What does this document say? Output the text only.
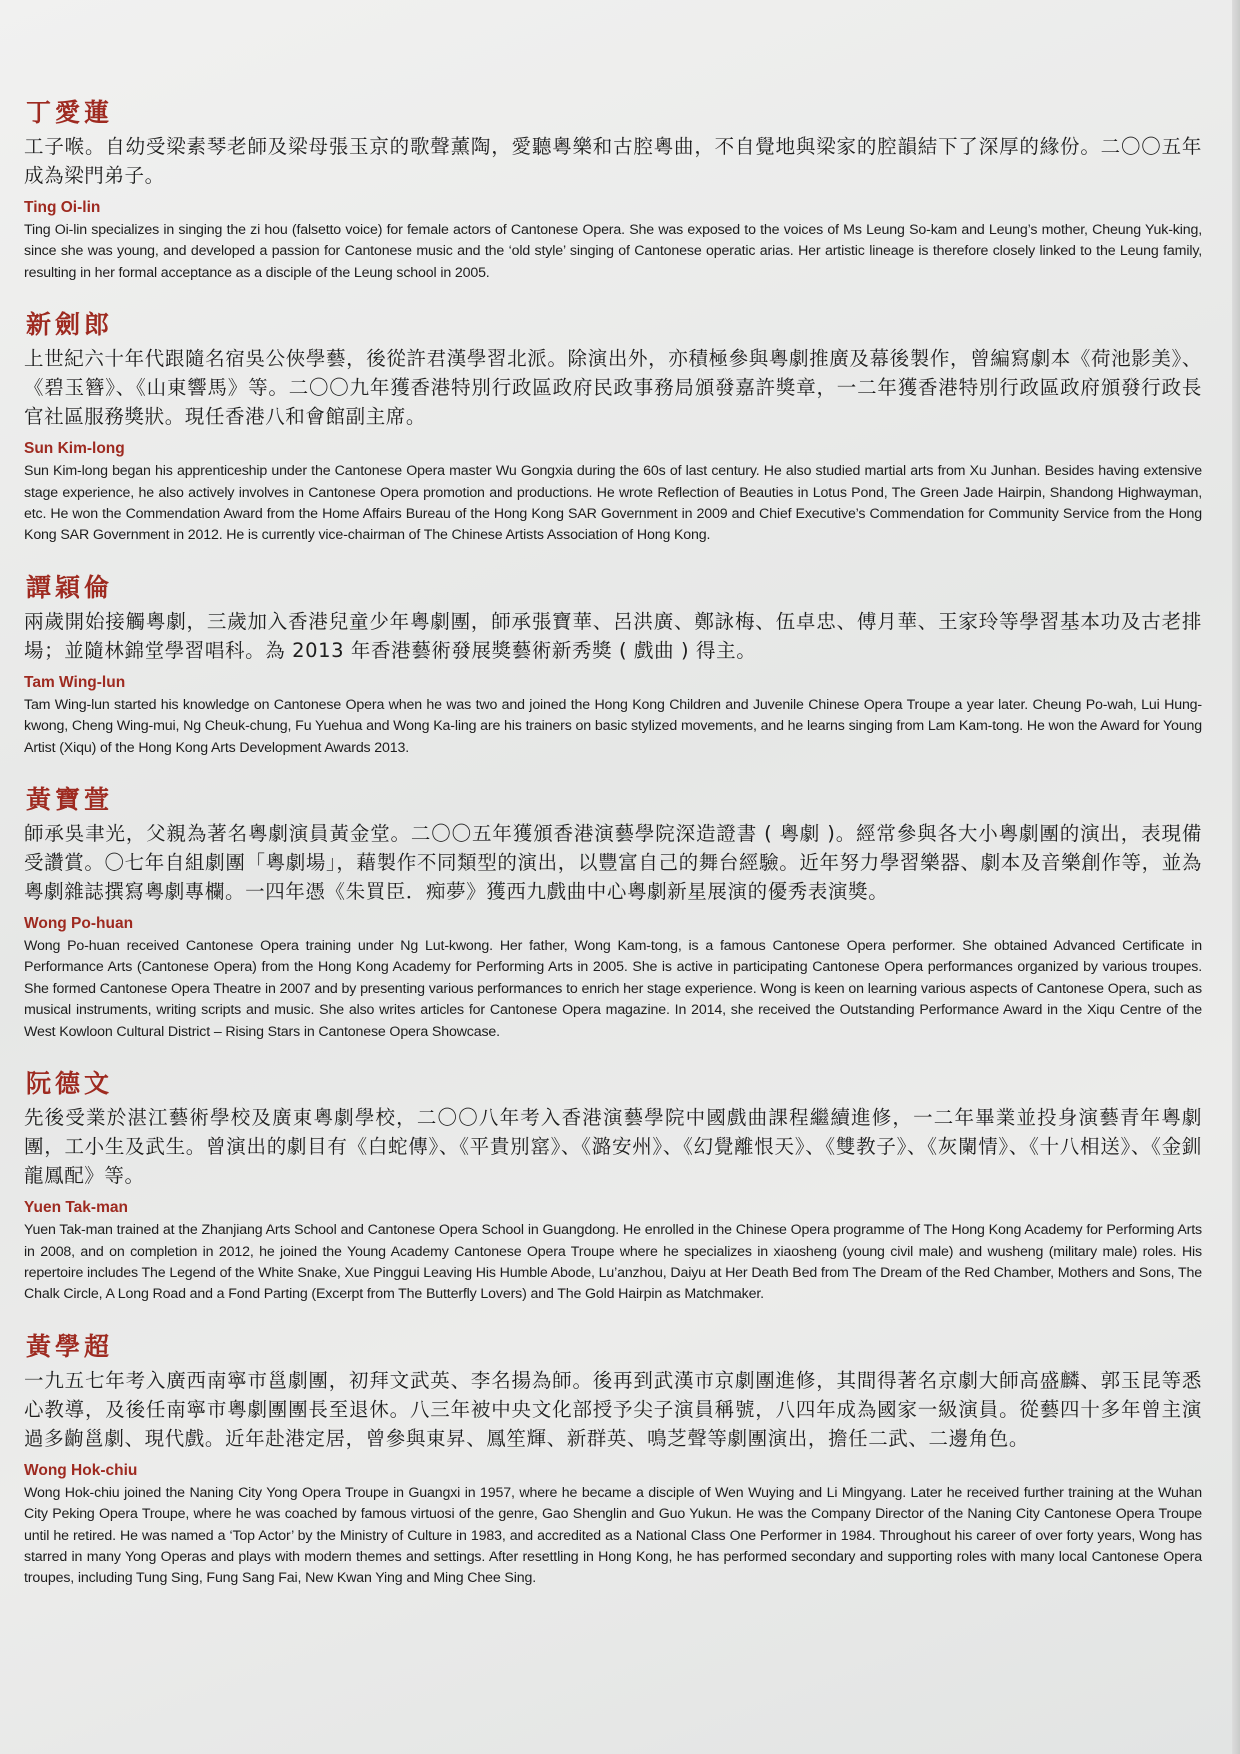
丁愛蓮

工子喉。自幼受梁素琴老師及梁母張玉京的歌聲薰陶，愛聽粵樂和古腔粵曲，不自覺地與梁家的腔韻結下了深厚的緣份。二〇〇五年成為梁門弟子。

Ting Oi-lin

Ting Oi-lin specializes in singing the zi hou (falsetto voice) for female actors of Cantonese Opera. She was exposed to the voices of Ms Leung So-kam and Leung’s mother, Cheung Yuk-king, since she was young, and developed a passion for Cantonese music and the ‘old style’ singing of Cantonese operatic arias. Her artistic lineage is therefore closely linked to the Leung family, resulting in her formal acceptance as a disciple of the Leung school in 2005.

新劍郎

上世紀六十年代跟隨名宿吳公俠學藝，後從許君漢學習北派。除演出外，亦積極參與粵劇推廣及幕後製作，曾編寫劇本《荷池影美》、《碧玉簪》、《山東響馬》等。二〇〇九年獲香港特別行政區政府民政事務局頒發嘉許獎章，一二年獲香港特別行政區政府頒發行政長官社區服務獎狀。現任香港八和會館副主席。

Sun Kim-long

Sun Kim-long began his apprenticeship under the Cantonese Opera master Wu Gongxia during the 60s of last century. He also studied martial arts from Xu Junhan. Besides having extensive stage experience, he also actively involves in Cantonese Opera promotion and productions. He wrote Reflection of Beauties in Lotus Pond, The Green Jade Hairpin, Shandong Highwayman, etc. He won the Commendation Award from the Home Affairs Bureau of the Hong Kong SAR Government in 2009 and Chief Executive’s Commendation for Community Service from the Hong Kong SAR Government in 2012. He is currently vice-chairman of The Chinese Artists Association of Hong Kong.

譚穎倫

兩歲開始接觸粵劇，三歲加入香港兒童少年粵劇團，師承張寶華、呂洪廣、鄭詠梅、伍卓忠、傅月華、王家玲等學習基本功及古老排場；並隨林錦堂學習唱科。為 2013 年香港藝術發展獎藝術新秀獎 ( 戲曲 ) 得主。

Tam Wing-lun

Tam Wing-lun started his knowledge on Cantonese Opera when he was two and joined the Hong Kong Children and Juvenile Chinese Opera Troupe a year later. Cheung Po-wah, Lui Hung-kwong, Cheng Wing-mui, Ng Cheuk-chung, Fu Yuehua and Wong Ka-ling are his trainers on basic stylized movements, and he learns singing from Lam Kam-tong. He won the Award for Young Artist (Xiqu) of the Hong Kong Arts Development Awards 2013.

黃寶萱

師承吳聿光，父親為著名粵劇演員黃金堂。二〇〇五年獲頒香港演藝學院深造證書 ( 粵劇 )。經常參與各大小粵劇團的演出，表現備受讚賞。〇七年自組劇團「粵劇場」，藉製作不同類型的演出，以豐富自己的舞台經驗。近年努力學習樂器、劇本及音樂創作等，並為粵劇雜誌撰寫粵劇專欄。一四年憑《朱買臣．痴夢》獲西九戲曲中心粵劇新星展演的優秀表演獎。

Wong Po-huan

Wong Po-huan received Cantonese Opera training under Ng Lut-kwong. Her father, Wong Kam-tong, is a famous Cantonese Opera performer. She obtained Advanced Certificate in Performance Arts (Cantonese Opera) from the Hong Kong Academy for Performing Arts in 2005. She is active in participating Cantonese Opera performances organized by various troupes. She formed Cantonese Opera Theatre in 2007 and by presenting various performances to enrich her stage experience. Wong is keen on learning various aspects of Cantonese Opera, such as musical instruments, writing scripts and music. She also writes articles for Cantonese Opera magazine. In 2014, she received the Outstanding Performance Award in the Xiqu Centre of the West Kowloon Cultural District – Rising Stars in Cantonese Opera Showcase.

阮德文

先後受業於湛江藝術學校及廣東粵劇學校，二〇〇八年考入香港演藝學院中國戲曲課程繼續進修，一二年畢業並投身演藝青年粵劇團，工小生及武生。曾演出的劇目有《白蛇傳》、《平貴別窰》、《潞安州》、《幻覺離恨天》、《雙教子》、《灰闌情》、《十八相送》、《金釧龍鳳配》等。

Yuen Tak-man

Yuen Tak-man trained at the Zhanjiang Arts School and Cantonese Opera School in Guangdong. He enrolled in the Chinese Opera programme of The Hong Kong Academy for Performing Arts in 2008, and on completion in 2012, he joined the Young Academy Cantonese Opera Troupe where he specializes in xiaosheng (young civil male) and wusheng (military male) roles. His repertoire includes The Legend of the White Snake, Xue Pinggui Leaving His Humble Abode, Lu’anzhou, Daiyu at Her Death Bed from The Dream of the Red Chamber, Mothers and Sons, The Chalk Circle, A Long Road and a Fond Parting (Excerpt from The Butterfly Lovers) and The Gold Hairpin as Matchmaker.

黃學超

一九五七年考入廣西南寧市邕劇團，初拜文武英、李名揚為師。後再到武漢市京劇團進修，其間得著名京劇大師高盛麟、郭玉昆等悉心教導，及後任南寧市粵劇團團長至退休。八三年被中央文化部授予尖子演員稱號，八四年成為國家一級演員。從藝四十多年曾主演過多齣邕劇、現代戲。近年赴港定居，曾參與東昇、鳳笙輝、新群英、鳴芝聲等劇團演出，擔任二武、二邊角色。

Wong Hok-chiu

Wong Hok-chiu joined the Naning City Yong Opera Troupe in Guangxi in 1957, where he became a disciple of Wen Wuying and Li Mingyang. Later he received further training at the Wuhan City Peking Opera Troupe, where he was coached by famous virtuosi of the genre, Gao Shenglin and Guo Yukun. He was the Company Director of the Naning City Cantonese Opera Troupe until he retired. He was named a ‘Top Actor’ by the Ministry of Culture in 1983, and accredited as a National Class One Performer in 1984. Throughout his career of over forty years, Wong has starred in many Yong Operas and plays with modern themes and settings. After resettling in Hong Kong, he has performed secondary and supporting roles with many local Cantonese Opera troupes, including Tung Sing, Fung Sang Fai, New Kwan Ying and Ming Chee Sing.
